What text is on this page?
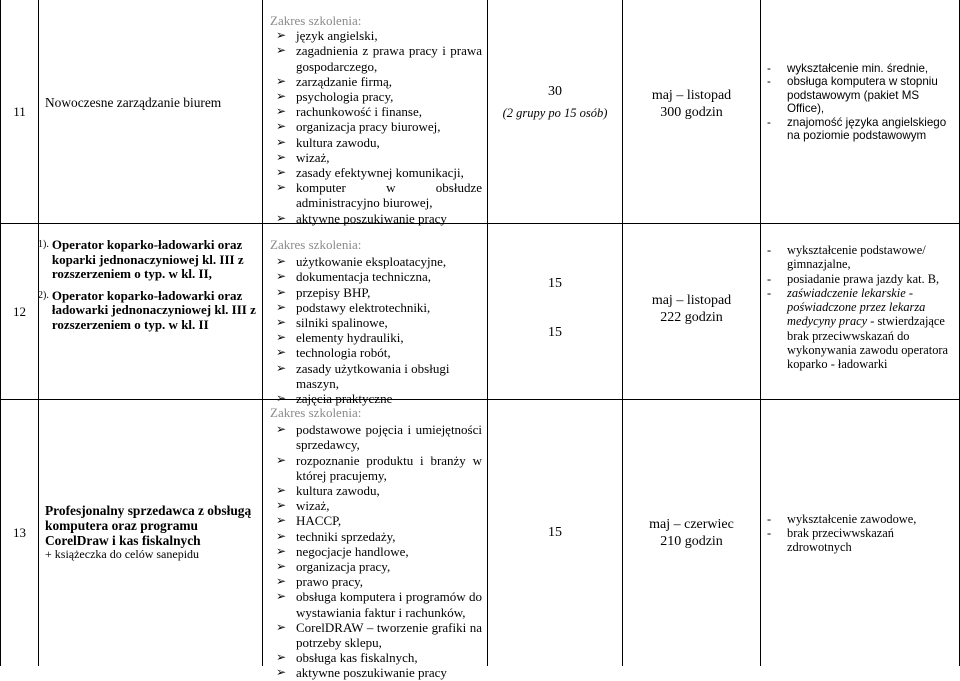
11
Nowoczesne zarządzanie biurem
Zakres szkolenia:
➢ język angielski,
➢ zagadnienia z prawa pracy i prawa gospodarczego,
➢ zarządzanie firmą,
➢ psychologia pracy,
➢ rachunkowość i finanse,
➢ organizacja pracy biurowej,
➢ kultura zawodu,
➢ wizaż,
➢ zasady efektywnej komunikacji,
➢ komputer w obsłudze administracyjno biurowej,
➢ aktywne poszukiwanie pracy
30
(2 grupy po 15 osób)
maj – listopad
300 godzin
- wykształcenie min. średnie,
- obsługa komputera w stopniu podstawowym (pakiet MS Office),
- znajomość języka angielskiego na poziomie podstawowym
12
1). Operator koparko-ładowarki oraz koparki jednonaczyniowej kl. III z rozszerzeniem o typ. w kl. II,
2). Operator koparko-ładowarki oraz ładowarki jednonaczyniowej kl. III z rozszerzeniem o typ. w kl. II
Zakres szkolenia:
➢ użytkowanie eksploatacyjne,
➢ dokumentacja techniczna,
➢ przepisy BHP,
➢ podstawy elektrotechniki,
➢ silniki spalinowe,
➢ elementy hydrauliki,
➢ technologia robót,
➢ zasady użytkowania i obsługi maszyn,
➢ zajęcia praktyczne
15
15
maj – listopad
222 godzin
- wykształcenie podstawowe/ gimnazjalne,
- posiadanie prawa jazdy kat. B,
- zaświadczenie lekarskie - poświadczone przez lekarza medycyny pracy - stwierdzające brak przeciwwskazań do wykonywania zawodu operatora koparko - ładowarki
13
Profesjonalny sprzedawca z obsługą komputera oraz programu CorelDraw i kas fiskalnych
+ książeczka do celów sanepidu
Zakres szkolenia:
➢ podstawowe pojęcia i umiejętności sprzedawcy,
➢ rozpoznanie produktu i branży w której pracujemy,
➢ kultura zawodu,
➢ wizaż,
➢ HACCP,
➢ techniki sprzedaży,
➢ negocjacje handlowe,
➢ organizacja pracy,
➢ prawo pracy,
➢ obsługa komputera i programów do wystawiania faktur i rachunków,
➢ CorelDRAW – tworzenie grafiki na potrzeby sklepu,
➢ obsługa kas fiskalnych,
➢ aktywne poszukiwanie pracy
15
maj – czerwiec
210 godzin
- wykształcenie zawodowe,
- brak przeciwwskazań zdrowotnych
